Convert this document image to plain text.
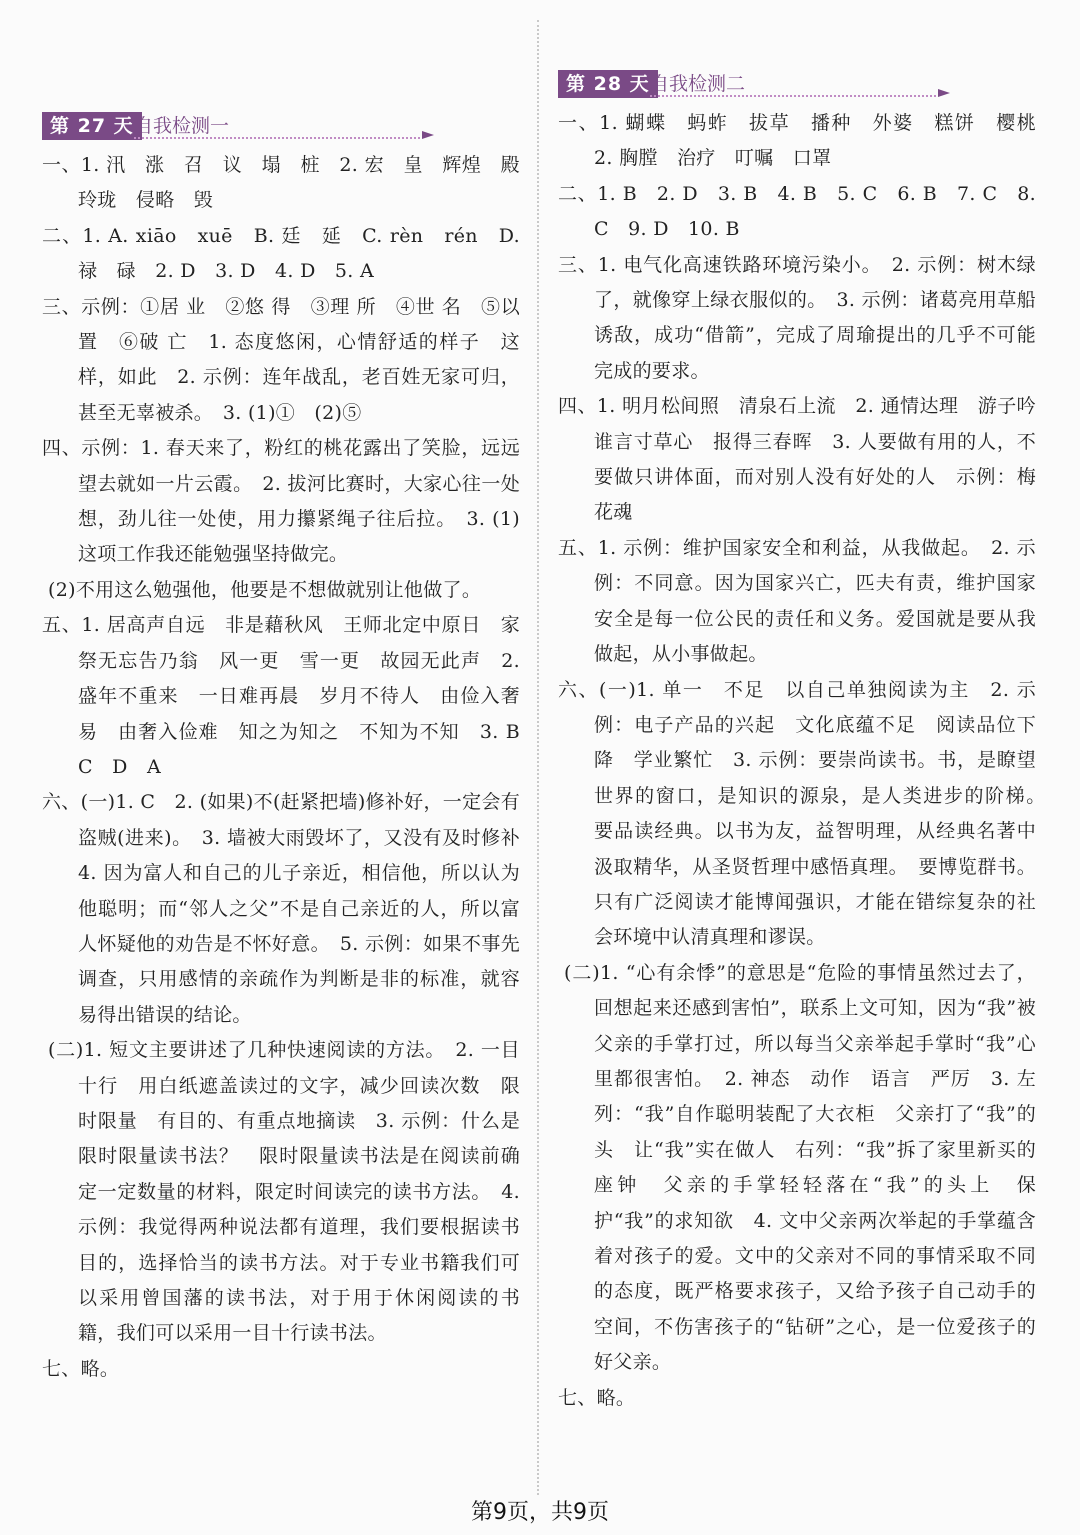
第 27 天 自我检测一

一、1. 汛　涨　召　议　塌　桩　2. 宏　皇　辉煌　殿　玲珑　侵略　毁

二、1. A. xiāo　xuē　B. 廷　延　C. rèn　rén　D. 禄　碌　2. D　3. D　4. D　5. A

三、示例：①居 业　②悠 得　③理 所　④世 名　⑤以 置　⑥破 亡　1. 态度悠闲，心情舒适的样子　这样，如此　2. 示例：连年战乱，老百姓无家可归，甚至无辜被杀。　3. (1)①　(2)⑤

四、示例：1. 春天来了，粉红的桃花露出了笑脸，远远望去就如一片云霞。　2. 拔河比赛时，大家心往一处想，劲儿往一处使，用力攥紧绳子往后拉。　3. (1)这项工作我还能勉强坚持做完。

(2)不用这么勉强他，他要是不想做就别让他做了。

五、1. 居高声自远　非是藉秋风　王师北定中原日　家祭无忘告乃翁　风一更　雪一更　故园无此声　2. 盛年不重来　一日难再晨　岁月不待人　由俭入奢易　由奢入俭难　知之为知之　不知为不知　3. B　C　D　A

六、(一)1. C　2. (如果)不(赶紧把墙)修补好，一定会有盗贼(进来)。　3. 墙被大雨毁坏了，又没有及时修补　4. 因为富人和自己的儿子亲近，相信他，所以认为他聪明；而“邻人之父”不是自己亲近的人，所以富人怀疑他的劝告是不怀好意。　5. 示例：如果不事先调查，只用感情的亲疏作为判断是非的标准，就容易得出错误的结论。

(二)1. 短文主要讲述了几种快速阅读的方法。　2. 一目十行　用白纸遮盖读过的文字，减少回读次数　限时限量　有目的、有重点地摘读　3. 示例：什么是限时限量读书法？　限时限量读书法是在阅读前确定一定数量的材料，限定时间读完的读书方法。　4. 示例：我觉得两种说法都有道理，我们要根据读书目的，选择恰当的读书方法。对于专业书籍我们可以采用曾国藩的读书法，对于用于休闲阅读的书籍，我们可以采用一目十行读书法。

七、略。

第 28 天 自我检测二

一、1. 蝴蝶　蚂蚱　拔草　播种　外婆　糕饼　樱桃　2. 胸膛　治疗　叮嘱　口罩

二、1. B　2. D　3. B　4. B　5. C　6. B　7. C　8. C　9. D　10. B

三、1. 电气化高速铁路环境污染小。　2. 示例：树木绿了，就像穿上绿衣服似的。　3. 示例：诸葛亮用草船诱敌，成功“借箭”，完成了周瑜提出的几乎不可能完成的要求。

四、1. 明月松间照　清泉石上流　2. 通情达理　游子吟　谁言寸草心　报得三春晖　3. 人要做有用的人，不要做只讲体面，而对别人没有好处的人　示例：梅花魂

五、1. 示例：维护国家安全和利益，从我做起。　2. 示例：不同意。因为国家兴亡，匹夫有责，维护国家安全是每一位公民的责任和义务。爱国就是要从我做起，从小事做起。

六、(一)1. 单一　不足　以自己单独阅读为主　2. 示例：电子产品的兴起　文化底蕴不足　阅读品位下降　学业繁忙　3. 示例：要崇尚读书。书，是瞭望世界的窗口，是知识的源泉，是人类进步的阶梯。　要品读经典。以书为友，益智明理，从经典名著中汲取精华，从圣贤哲理中感悟真理。　要博览群书。只有广泛阅读才能博闻强识，才能在错综复杂的社会环境中认清真理和谬误。

(二)1. “心有余悸”的意思是“危险的事情虽然过去了，回想起来还感到害怕”，联系上文可知，因为“我”被父亲的手掌打过，所以每当父亲举起手掌时“我”心里都很害怕。　2. 神态　动作　语言　严厉　3. 左列：“我”自作聪明装配了大衣柜　父亲打了“我”的头　让“我”实在做人　右列：“我”拆了家里新买的座钟　父亲的手掌轻轻落在“我”的头上　保护“我”的求知欲　4. 文中父亲两次举起的手掌蕴含着对孩子的爱。文中的父亲对不同的事情采取不同的态度，既严格要求孩子，又给予孩子自己动手的空间，不伤害孩子的“钻研”之心，是一位爱孩子的好父亲。

七、略。

第9页，共9页
